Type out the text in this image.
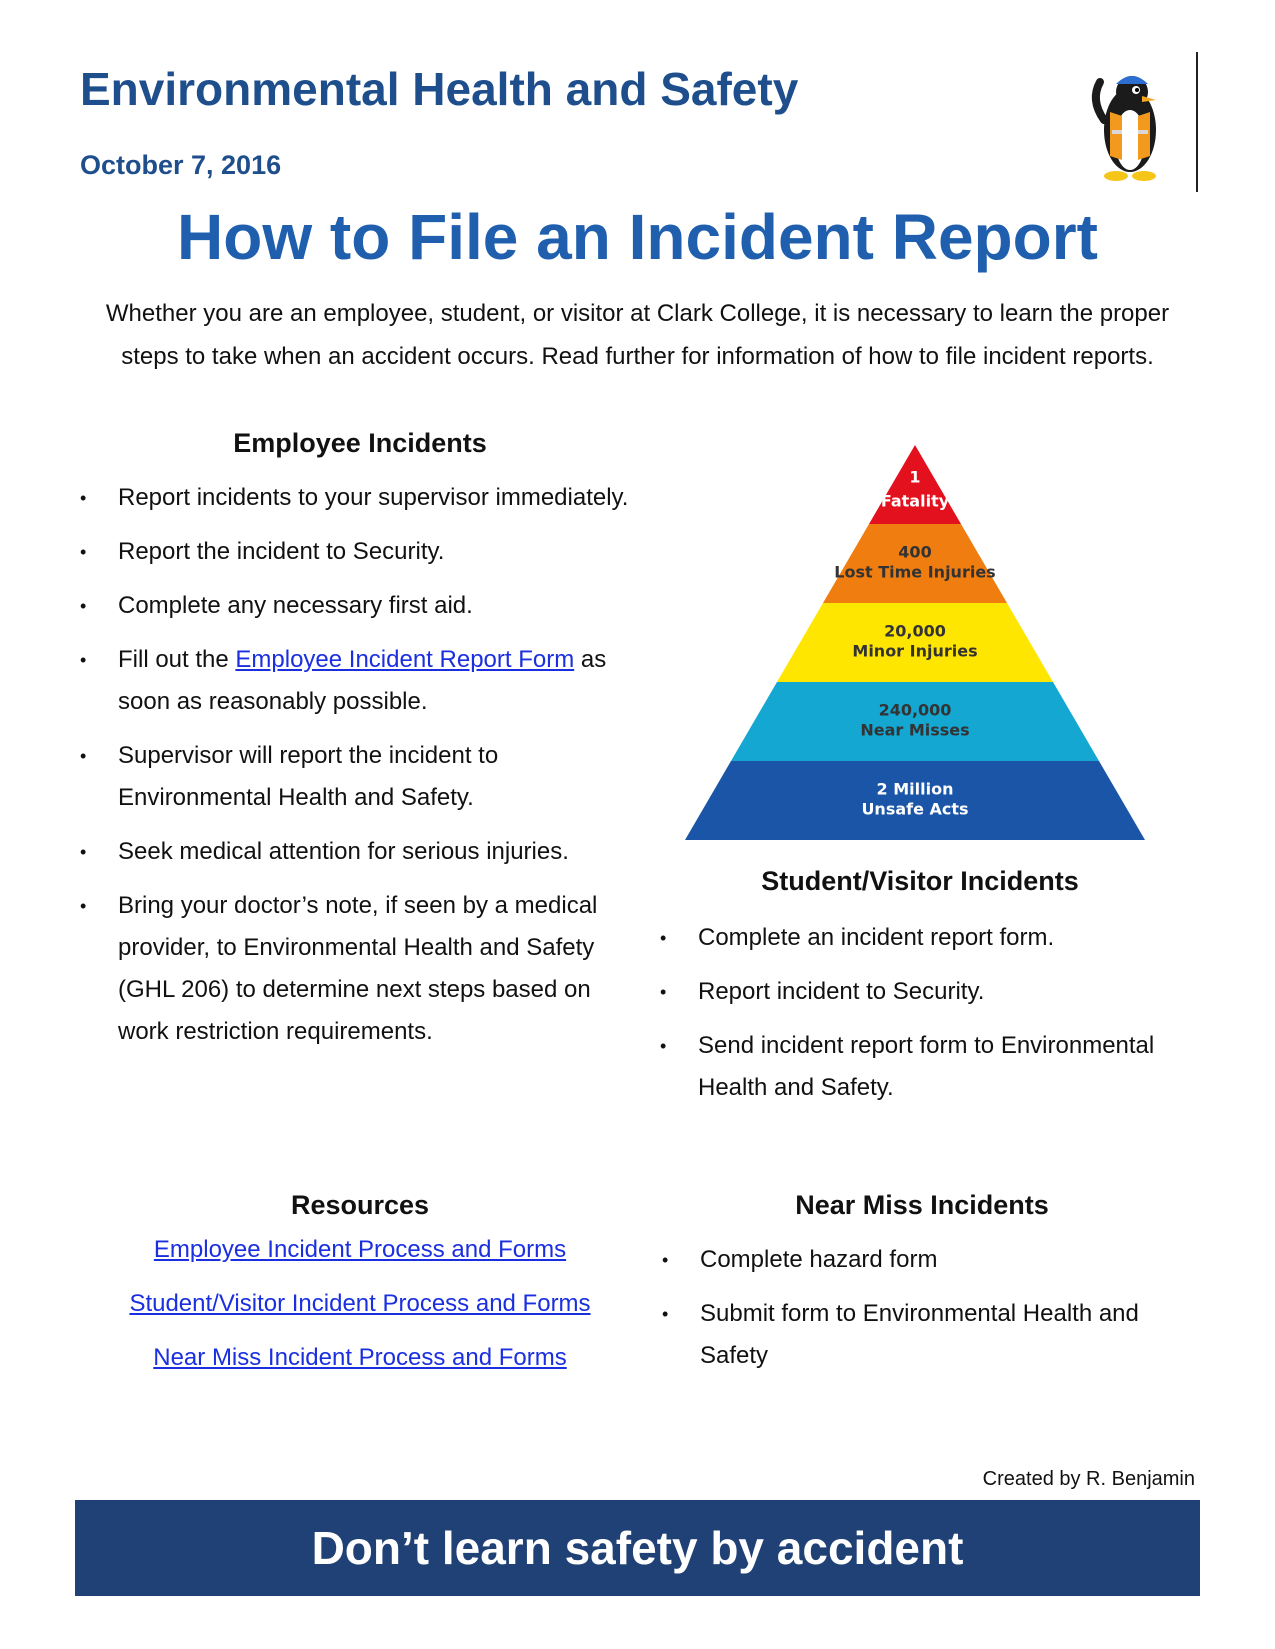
Environmental Health and Safety
October 7, 2016
How to File an Incident Report

Whether you are an employee, student, or visitor at Clark College, it is necessary to learn the proper steps to take when an accident occurs. Read further for information of how to file incident reports.

Employee Incidents
• Report incidents to your supervisor immediately.
• Report the incident to Security.
• Complete any necessary first aid.
• Fill out the Employee Incident Report Form as soon as reasonably possible.
• Supervisor will report the incident to Environmental Health and Safety.
• Seek medical attention for serious injuries.
• Bring your doctor’s note, if seen by a medical provider, to Environmental Health and Safety (GHL 206) to determine next steps based on work restriction requirements.
1
Fatality
400
Lost Time Injuries
20,000
Minor Injuries
240,000
Near Misses
2 Million
Unsafe Acts
Student/Visitor Incidents
• Complete an incident report form.
• Report incident to Security.
• Send incident report form to Environmental Health and Safety.
Resources
Employee Incident Process and Forms
Student/Visitor Incident Process and Forms
Near Miss Incident Process and Forms
Near Miss Incidents
• Complete hazard form
• Submit form to Environmental Health and Safety
Created by R. Benjamin
Don’t learn safety by accident
